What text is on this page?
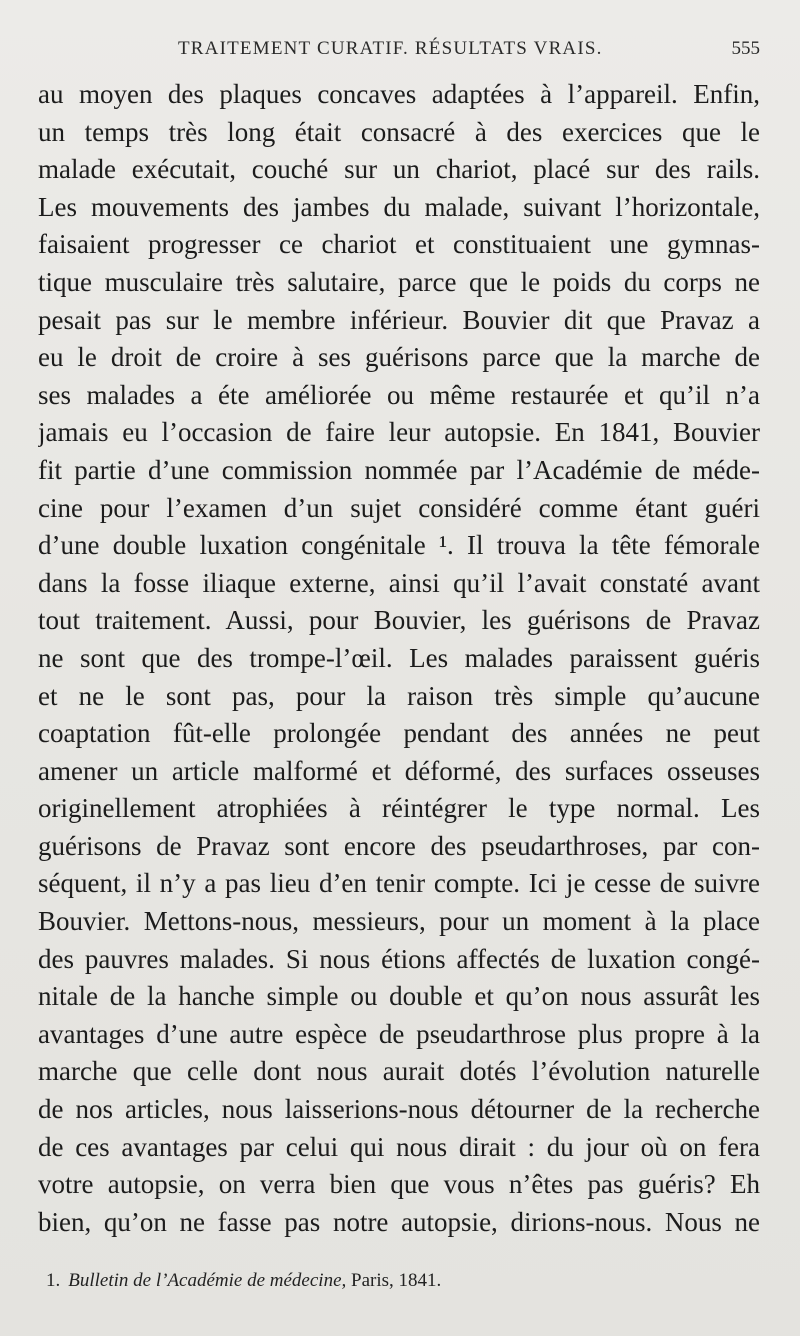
TRAITEMENT CURATIF. RÉSULTATS VRAIS.	555
au moyen des plaques concaves adaptées à l’appareil. Enfin,
un temps très long était consacré à des exercices que le
malade exécutait, couché sur un chariot, placé sur des rails.
Les mouvements des jambes du malade, suivant l’horizontale,
faisaient progresser ce chariot et constituaient une gymnas-
tique musculaire très salutaire, parce que le poids du corps ne
pesait pas sur le membre inférieur. Bouvier dit que Pravaz a
eu le droit de croire à ses guérisons parce que la marche de
ses malades a éte améliorée ou même restaurée et qu’il n’a
jamais eu l’occasion de faire leur autopsie. En 1841, Bouvier
fit partie d’une commission nommée par l’Académie de méde-
cine pour l’examen d’un sujet considéré comme étant guéri
d’une double luxation congénitale ¹. Il trouva la tête fémorale
dans la fosse iliaque externe, ainsi qu’il l’avait constaté avant
tout traitement. Aussi, pour Bouvier, les guérisons de Pravaz
ne sont que des trompe-l’œil. Les malades paraissent guéris
et ne le sont pas, pour la raison très simple qu’aucune
coaptation fût-elle prolongée pendant des années ne peut
amener un article malformé et déformé, des surfaces osseuses
originellement atrophiées à réintégrer le type normal. Les
guérisons de Pravaz sont encore des pseudarthroses, par con-
séquent, il n’y a pas lieu d’en tenir compte. Ici je cesse de suivre
Bouvier. Mettons-nous, messieurs, pour un moment à la place
des pauvres malades. Si nous étions affectés de luxation congé-
nitale de la hanche simple ou double et qu’on nous assurât les
avantages d’une autre espèce de pseudarthrose plus propre à la
marche que celle dont nous aurait dotés l’évolution naturelle
de nos articles, nous laisserions-nous détourner de la recherche
de ces avantages par celui qui nous dirait : du jour où on fera
votre autopsie, on verra bien que vous n’êtes pas guéris? Eh
bien, qu’on ne fasse pas notre autopsie, dirions-nous. Nous ne
1. Bulletin de l’Académie de médecine, Paris, 1841.
